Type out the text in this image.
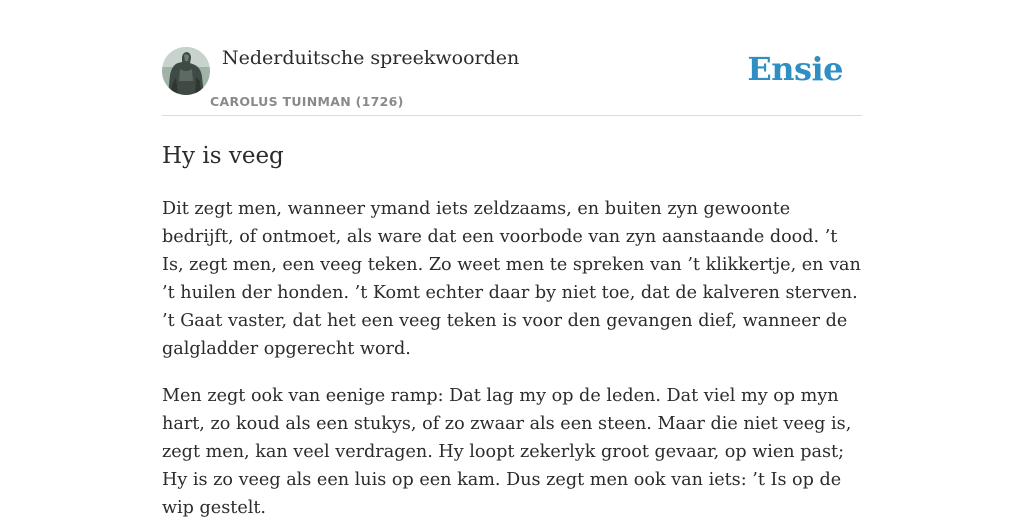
Nederduitsche spreekwoorden
CAROLUS TUINMAN (1726)
Ensie
Hy is veeg

Dit zegt men, wanneer ymand iets zeldzaams, en buiten zyn gewoonte bedrijft, of ontmoet, als ware dat een voorbode van zyn aanstaande dood. ’t Is, zegt men, een veeg teken. Zo weet men te spreken van ’t klikkertje, en van ’t huilen der honden. ’t Komt echter daar by niet toe, dat de kalveren sterven. ’t Gaat vaster, dat het een veeg teken is voor den gevangen dief, wanneer de galgladder opgerecht word.

Men zegt ook van eenige ramp: Dat lag my op de leden. Dat viel my op myn hart, zo koud als een stukys, of zo zwaar als een steen. Maar die niet veeg is, zegt men, kan veel verdragen. Hy loopt zekerlyk groot gevaar, op wien past; Hy is zo veeg als een luis op een kam. Dus zegt men ook van iets: ’t Is op de wip gestelt.
